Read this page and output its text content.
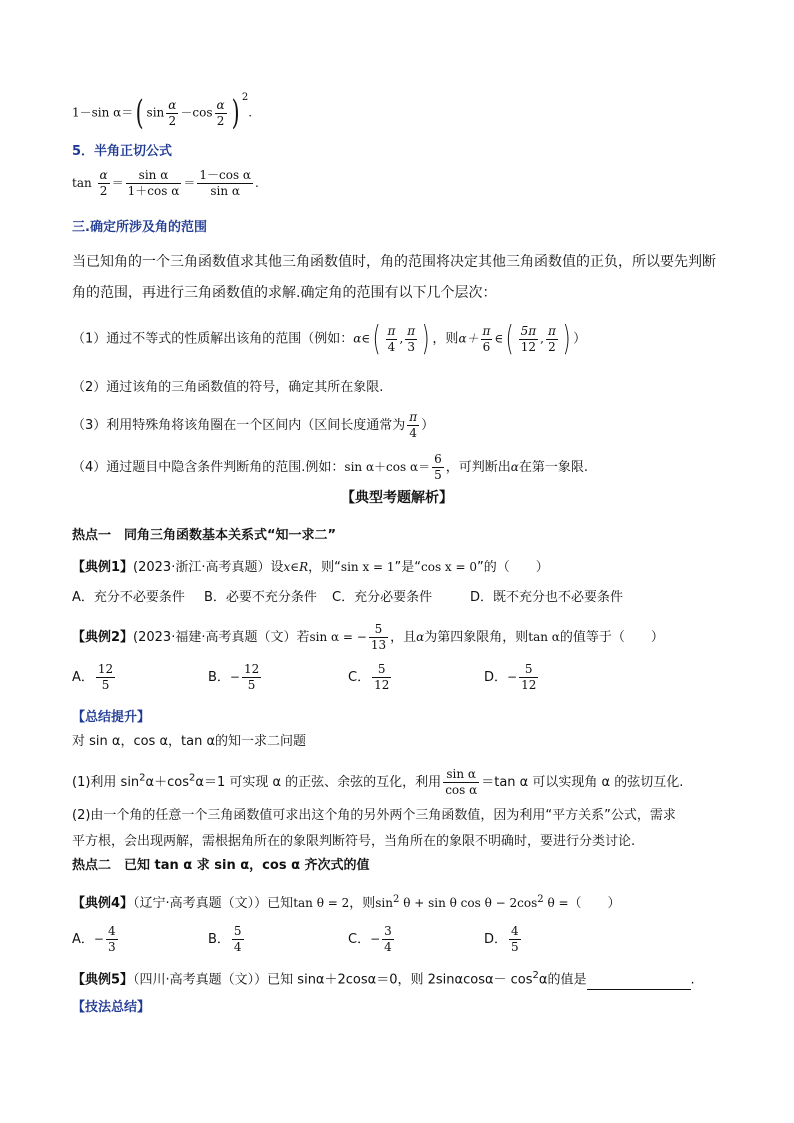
1－sin α＝( $\sin \frac{\alpha}{2} -\cos \frac{\alpha}{2}$ ) $^2$.
5．半角正切公式
$\tan \frac{\alpha}{2} = \frac{\text{sin α}}{\text{1＋cos α}} = \frac{\text{1－cos α}}{\text{sin α}}$ .
三.确定所涉及角的范围
当已知角的一个三角函数值求其他三角函数值时，角的范围将决定其他三角函数值的正负，所以要先判断
角的范围，再进行三角函数值的求解.确定角的范围有以下几个层次：
（1）通过不等式的性质解出该角的范围（例如：α∈( $\frac{\pi}{4}$ , $\frac{\pi}{3}$ ) ，则$\alpha+ \frac{\pi}{6}$ ∈( $\frac{5\pi}{12}$ , $\frac{\pi}{2}$ ) ）
（2）通过该角的三角函数值的符号，确定其所在象限.
（3）利用特殊角将该角圈在一个区间内（区间长度通常为 $\frac{\pi}{4}$ ）
（4）通过题目中隐含条件判断角的范围.例如：sin α＋cos $\alpha= \frac{6}{5}$ ，可判断出α在第一象限.
【典型考题解析】
热点一　同角三角函数基本关系式“知一求二”
【典例1】(2023·浙江·高考真题）设x∈R，则“sin x = 1”是“cos x = 0”的（　　）
A．充分不必要条件 B．必要不充分条件 C．充分必要条件	D．既不充分也不必要条件
【典例2】(2023·福建·高考真题（文）若sin α = − $\frac{5}{13}$ ，且α为第四象限角，则tan α的值等于（　　）
A． $\frac{12}{5}$	B．− $\frac{12}{5}$	C． $\frac{5}{12}$	D．− $\frac{5}{12}$
【总结提升】
对 sin α，cos α，tan α的知一求二问题
(1)利用 $\sin^2\alpha+\cos^2\alpha=1$ 可实现 α 的正弦、余弦的互化，利用 $\frac{\text{sin α}}{\text{cos α}} =\tan$ α 可以实现角 α 的弦切互化.
(2)由一个角的任意一个三角函数值可求出这个角的另外两个三角函数值，因为利用“平方关系”公式，需求
平方根，会出现两解，需根据角所在的象限判断符号，当角所在的象限不明确时，要进行分类讨论.
热点二　已知 tan α 求 sin α，cos α 齐次式的值
【典例4】（辽宁·高考真题（文））已知tan θ = 2，则$\sin^2 \theta + \sin \theta$ $\cos \theta - 2\cos^2$ θ =（　　）
A．− $\frac{4}{3}$	B． $\frac{5}{4}$	C．− $\frac{3}{4}$	D． $\frac{4}{5}$
【典例5】（四川·高考真题（文））已知 sinα＋2cosα＝0，则 $2\sin\alpha\cos\alpha- \cos^2\alpha$的值是	.
【技法总结】
